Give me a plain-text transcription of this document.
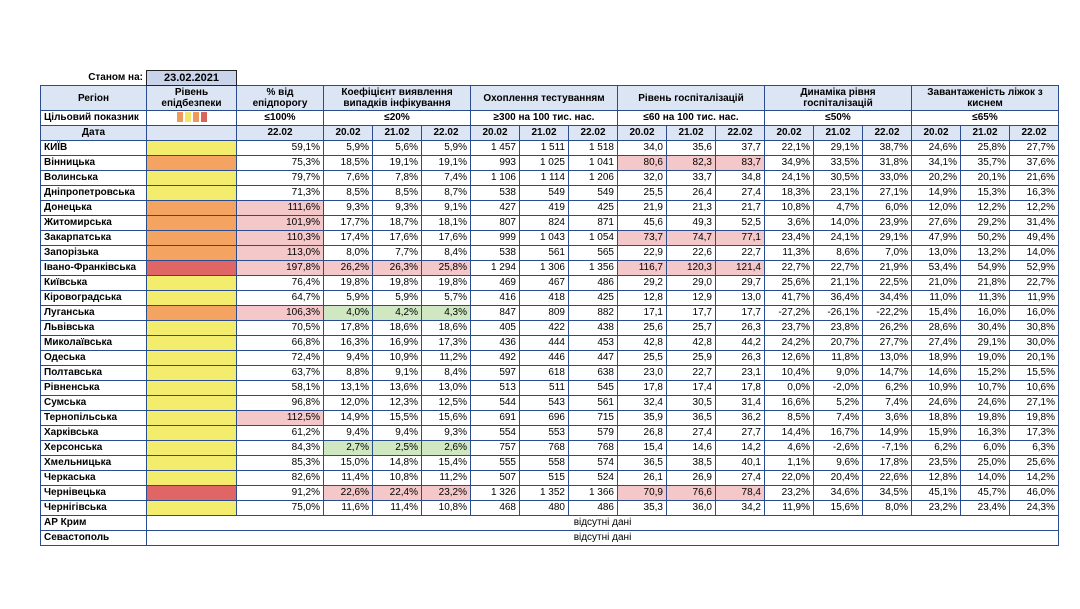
Станом на:	23.02.2021																
Регіон	Рівень епідбезпеки	% від епідпорогу	Коефіцієнт виявлення випадків інфікування			Охоплення тестуванням			Рівень госпіталізацій			Динаміка рівня госпіталізацій			Завантаженість ліжок з киснем		
Цільовий показник		≤100%	≤20%			≥300 на 100 тис. нас.			≤60 на 100 тис. нас.			≤50%			≤65%		
Дата		22.02	20.02	21.02	22.02	20.02	21.02	22.02	20.02	21.02	22.02	20.02	21.02	22.02	20.02	21.02	22.02
КИЇВ		59,1%	5,9%	5,6%	5,9%	1 457	1 511	1 518	34,0	35,6	37,7	22,1%	29,1%	38,7%	24,6%	25,8%	27,7%
Вінницька		75,3%	18,5%	19,1%	19,1%	993	1 025	1 041	80,6	82,3	83,7	34,9%	33,5%	31,8%	34,1%	35,7%	37,6%
Волинська		79,7%	7,6%	7,8%	7,4%	1 106	1 114	1 206	32,0	33,7	34,8	24,1%	30,5%	33,0%	20,2%	20,1%	21,6%
Дніпропетровська		71,3%	8,5%	8,5%	8,7%	538	549	549	25,5	26,4	27,4	18,3%	23,1%	27,1%	14,9%	15,3%	16,3%
Донецька		111,6%	9,3%	9,3%	9,1%	427	419	425	21,9	21,3	21,7	10,8%	4,7%	6,0%	12,0%	12,2%	12,2%
Житомирська		101,9%	17,7%	18,7%	18,1%	807	824	871	45,6	49,3	52,5	3,6%	14,0%	23,9%	27,6%	29,2%	31,4%
Закарпатська		110,3%	17,4%	17,6%	17,6%	999	1 043	1 054	73,7	74,7	77,1	23,4%	24,1%	29,1%	47,9%	50,2%	49,4%
Запорізька		113,0%	8,0%	7,7%	8,4%	538	561	565	22,9	22,6	22,7	11,3%	8,6%	7,0%	13,0%	13,2%	14,0%
Івано-Франківська		197,8%	26,2%	26,3%	25,8%	1 294	1 306	1 356	116,7	120,3	121,4	22,7%	22,7%	21,9%	53,4%	54,9%	52,9%
Київська		76,4%	19,8%	19,8%	19,8%	469	467	486	29,2	29,0	29,7	25,6%	21,1%	22,5%	21,0%	21,8%	22,7%
Кіровоградська		64,7%	5,9%	5,9%	5,7%	416	418	425	12,8	12,9	13,0	41,7%	36,4%	34,4%	11,0%	11,3%	11,9%
Луганська		106,3%	4,0%	4,2%	4,3%	847	809	882	17,1	17,7	17,7	-27,2%	-26,1%	-22,2%	15,4%	16,0%	16,0%
Львівська		70,5%	17,8%	18,6%	18,6%	405	422	438	25,6	25,7	26,3	23,7%	23,8%	26,2%	28,6%	30,4%	30,8%
Миколаївська		66,8%	16,3%	16,9%	17,3%	436	444	453	42,8	42,8	44,2	24,2%	20,7%	27,7%	27,4%	29,1%	30,0%
Одеська		72,4%	9,4%	10,9%	11,2%	492	446	447	25,5	25,9	26,3	12,6%	11,8%	13,0%	18,9%	19,0%	20,1%
Полтавська		63,7%	8,8%	9,1%	8,4%	597	618	638	23,0	22,7	23,1	10,4%	9,0%	14,7%	14,6%	15,2%	15,5%
Рівненська		58,1%	13,1%	13,6%	13,0%	513	511	545	17,8	17,4	17,8	0,0%	-2,0%	6,2%	10,9%	10,7%	10,6%
Сумська		96,8%	12,0%	12,3%	12,5%	544	543	561	32,4	30,5	31,4	16,6%	5,2%	7,4%	24,6%	24,6%	27,1%
Тернопільська		112,5%	14,9%	15,5%	15,6%	691	696	715	35,9	36,5	36,2	8,5%	7,4%	3,6%	18,8%	19,8%	19,8%
Харківська		61,2%	9,4%	9,4%	9,3%	554	553	579	26,8	27,4	27,7	14,4%	16,7%	14,9%	15,9%	16,3%	17,3%
Херсонська		84,3%	2,7%	2,5%	2,6%	757	768	768	15,4	14,6	14,2	4,6%	-2,6%	-7,1%	6,2%	6,0%	6,3%
Хмельницька		85,3%	15,0%	14,8%	15,4%	555	558	574	36,5	38,5	40,1	1,1%	9,6%	17,8%	23,5%	25,0%	25,6%
Черкаська		82,6%	11,4%	10,8%	11,2%	507	515	524	26,1	26,9	27,4	22,0%	20,4%	22,6%	12,8%	14,0%	14,2%
Чернівецька		91,2%	22,6%	22,4%	23,2%	1 326	1 352	1 366	70,9	76,6	78,4	23,2%	34,6%	34,5%	45,1%	45,7%	46,0%
Чернігівська		75,0%	11,6%	11,4%	10,8%	468	480	486	35,3	36,0	34,2	11,9%	15,6%	8,0%	23,2%	23,4%	24,3%
АР Крим	відсутні дані																
Севастополь	відсутні дані																
